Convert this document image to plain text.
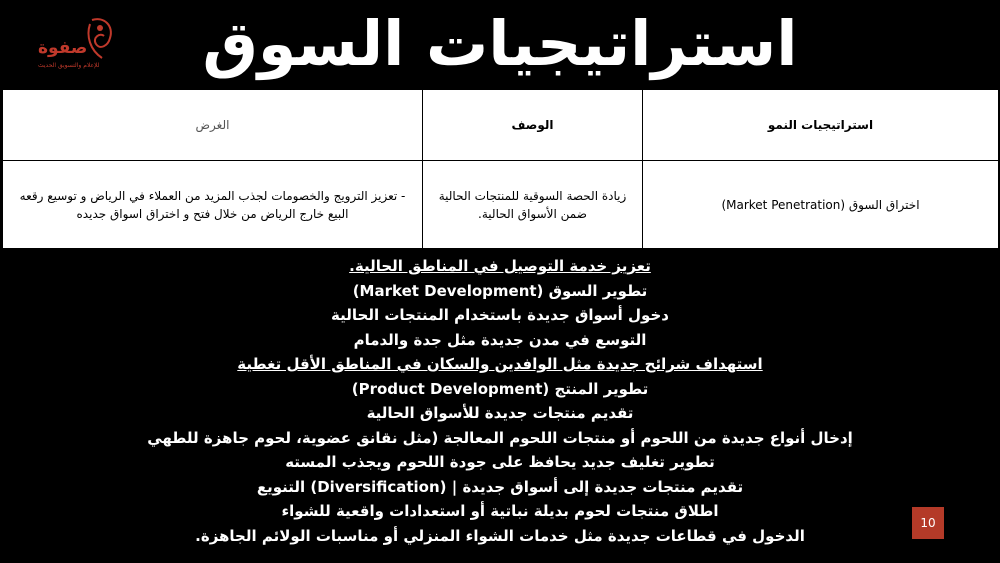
استراتيجيات السوق
صفوة
للإعلام والتسويق الحديث
استراتيجيات النمو	الوصف	الغرض
اختراق السوق (Market Penetration)	زيادة الحصة السوقية للمنتجات الحالية ضمن الأسواق الحالية.	- تعزيز الترويج والخصومات لجذب المزيد من العملاء في الرياض و توسيع رقعه البيع خارج الرياض من خلال فتح و اختراق اسواق جديده
تعزيز خدمة التوصيل في المناطق الحالية.
تطوير السوق (Market Development)
دخول أسواق جديدة باستخدام المنتجات الحالية
التوسع في مدن جديدة مثل جدة والدمام
استهداف شرائح جديدة مثل الوافدين والسكان في المناطق الأقل تغطية
تطوير المنتج (Product Development)
تقديم منتجات جديدة للأسواق الحالية
إدخال أنواع جديدة من اللحوم أو منتجات اللحوم المعالجة (مثل نقانق عضوية، لحوم جاهزة للطهي
تطوير تغليف جديد يحافظ على جودة اللحوم ويجذب المسته
تقديم منتجات جديدة إلى أسواق جديدة | (Diversification) التنويع
اطلاق منتجات لحوم بديلة نباتية أو استعدادات واقعية للشواء
الدخول في قطاعات جديدة مثل خدمات الشواء المنزلي أو مناسبات الولائم الجاهزة.
10
